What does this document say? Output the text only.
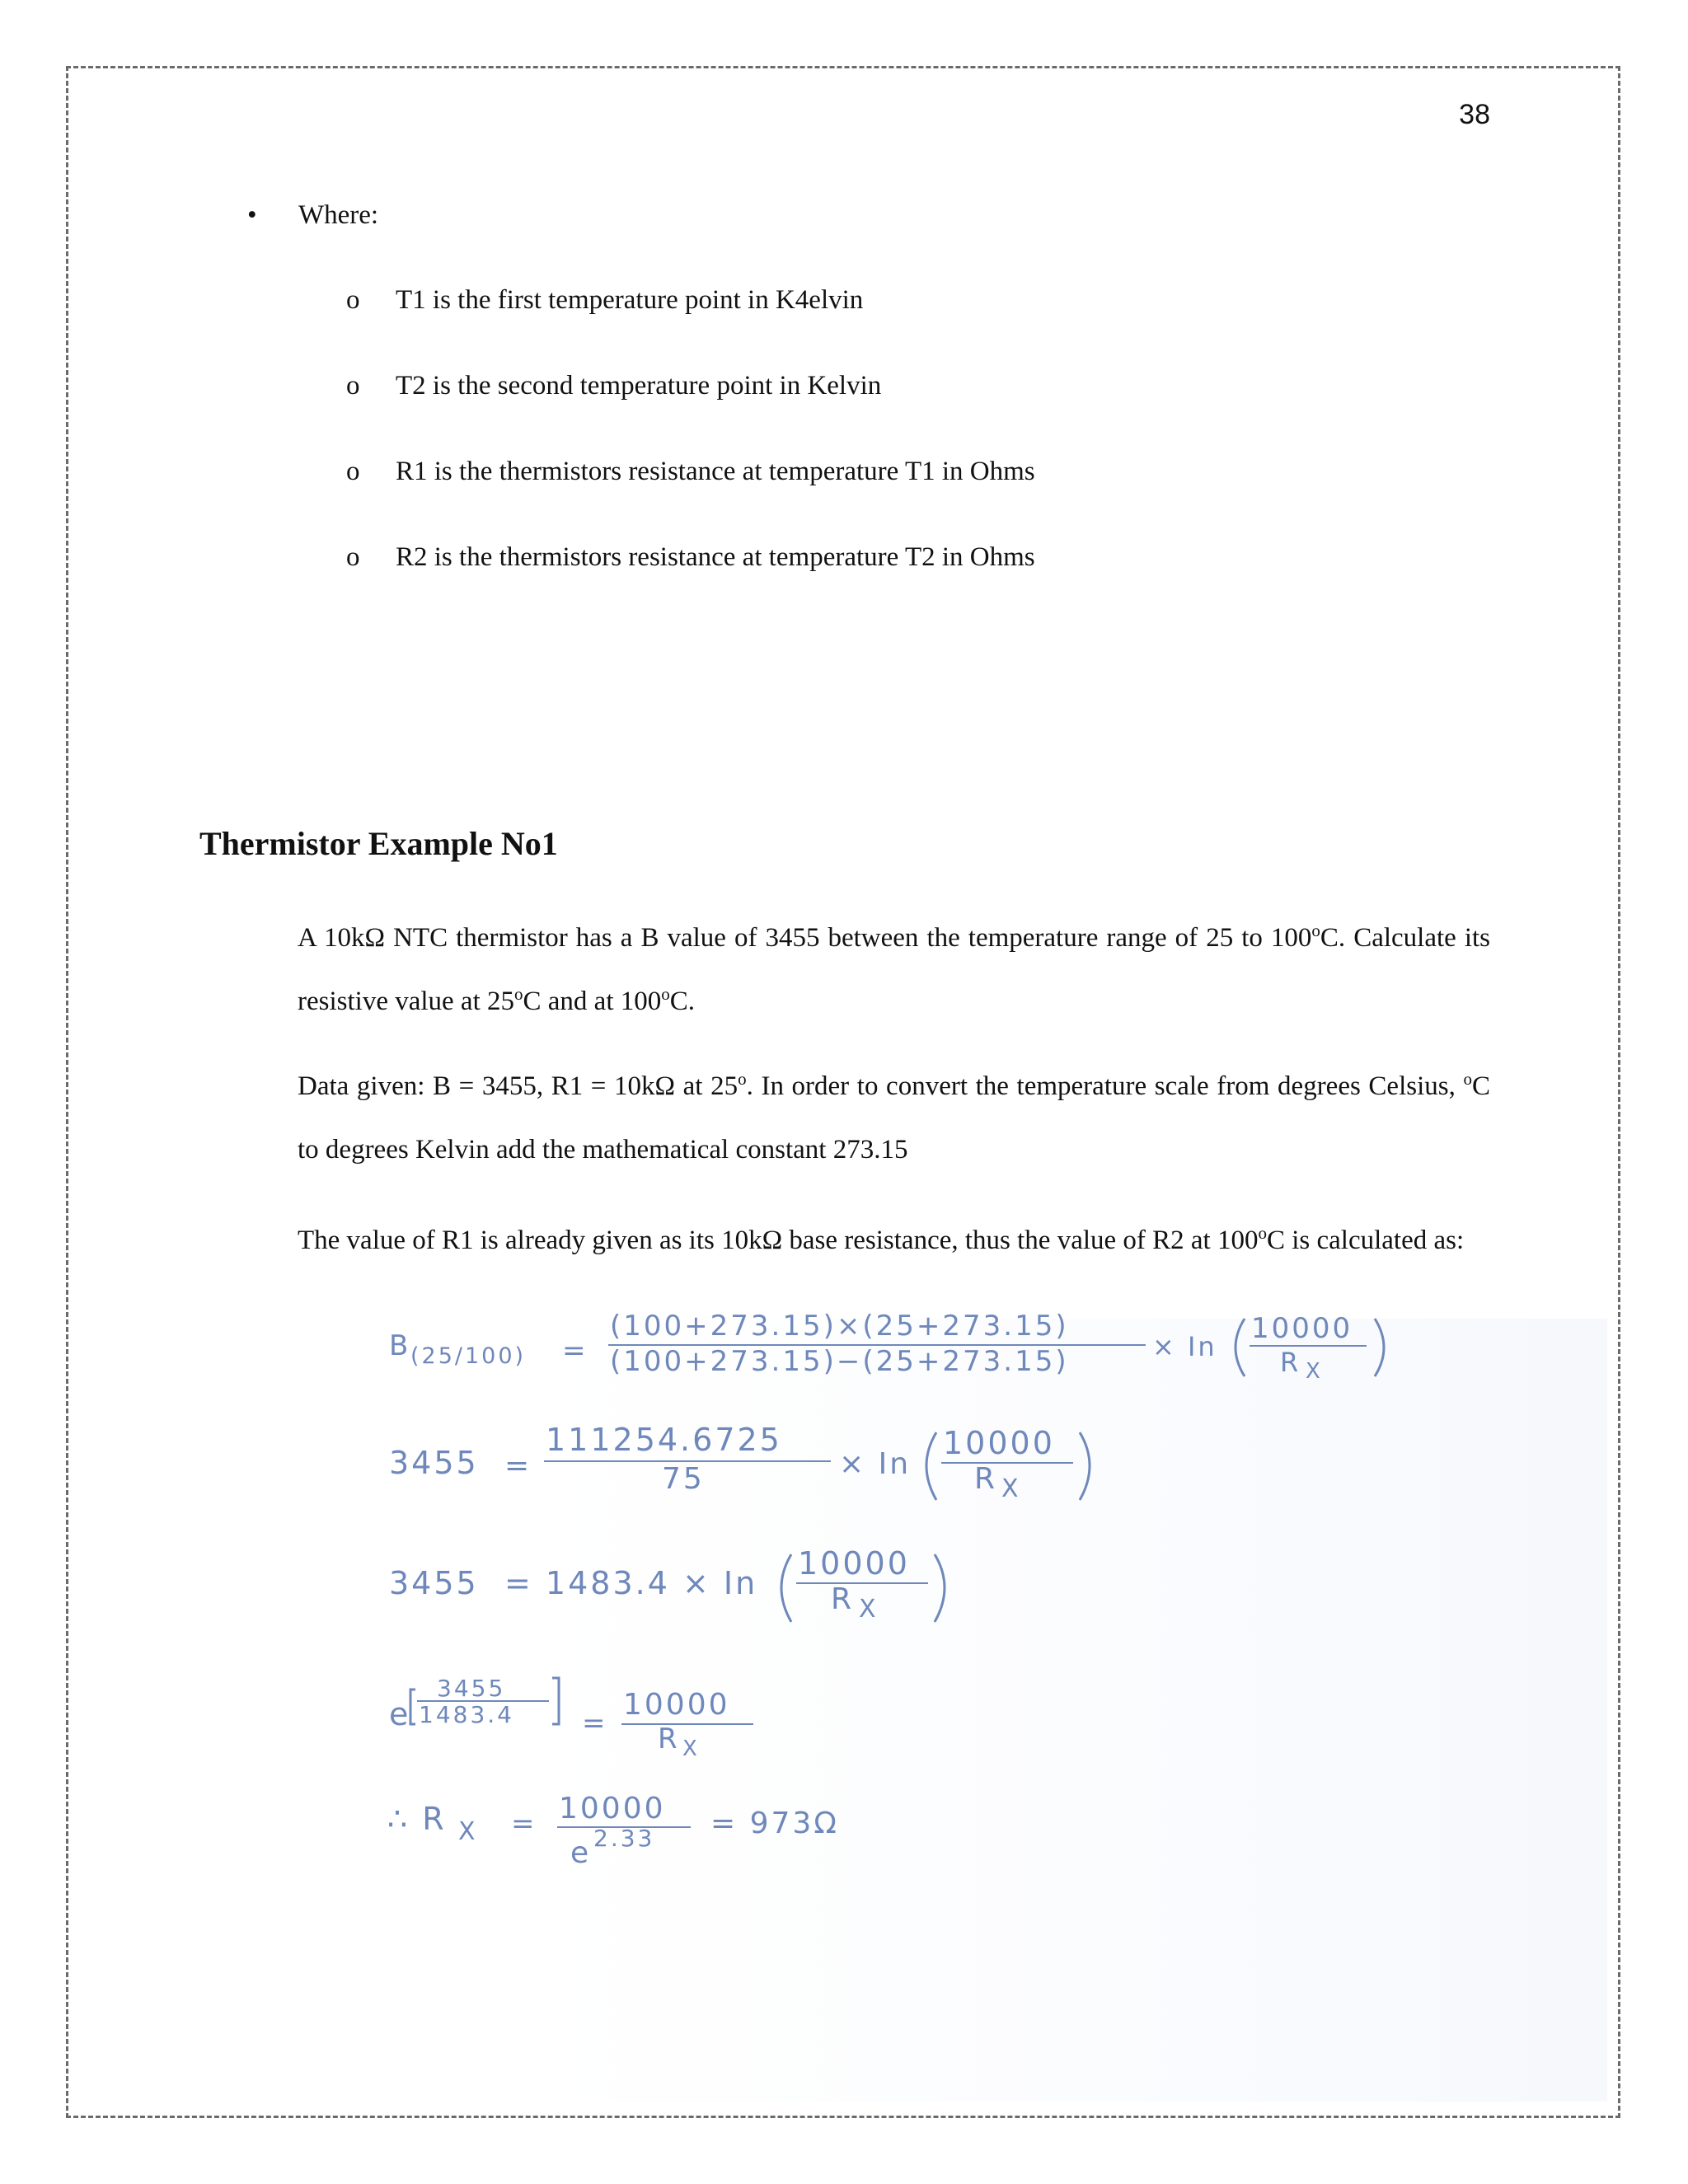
38
• Where:
o T1 is the first temperature point in K4elvin
o T2 is the second temperature point in Kelvin
o R1 is the thermistors resistance at temperature T1 in Ohms
o R2 is the thermistors resistance at temperature T2 in Ohms
Thermistor Example No1
A 10kΩ NTC thermistor has a B value of 3455 between the temperature range of 25 to 100$^o$C. Calculate its
resistive value at 25$^o$C and at 100$^o$C.
Data given: B = 3455, R1 = 10kΩ at 25$^o$. In order to convert the temperature scale from degrees Celsius, $^o$C
to degrees Kelvin add the mathematical constant 273.15
The value of R1 is already given as its 10kΩ base resistance, thus the value of R2 at 100$^o$C is calculated as:
B (25/100) =
(100+273.15)×(25+273.15)
(100+273.15)−(25+273.15)	× In
10000
R X
3455 =
111254.6725
75	× In
10000
R X
3455 = 1483.4 × In
10000
R X
e
3455
1483.4 =
10000
R X
∴ R X = 10000
e 2.33 = 973Ω
